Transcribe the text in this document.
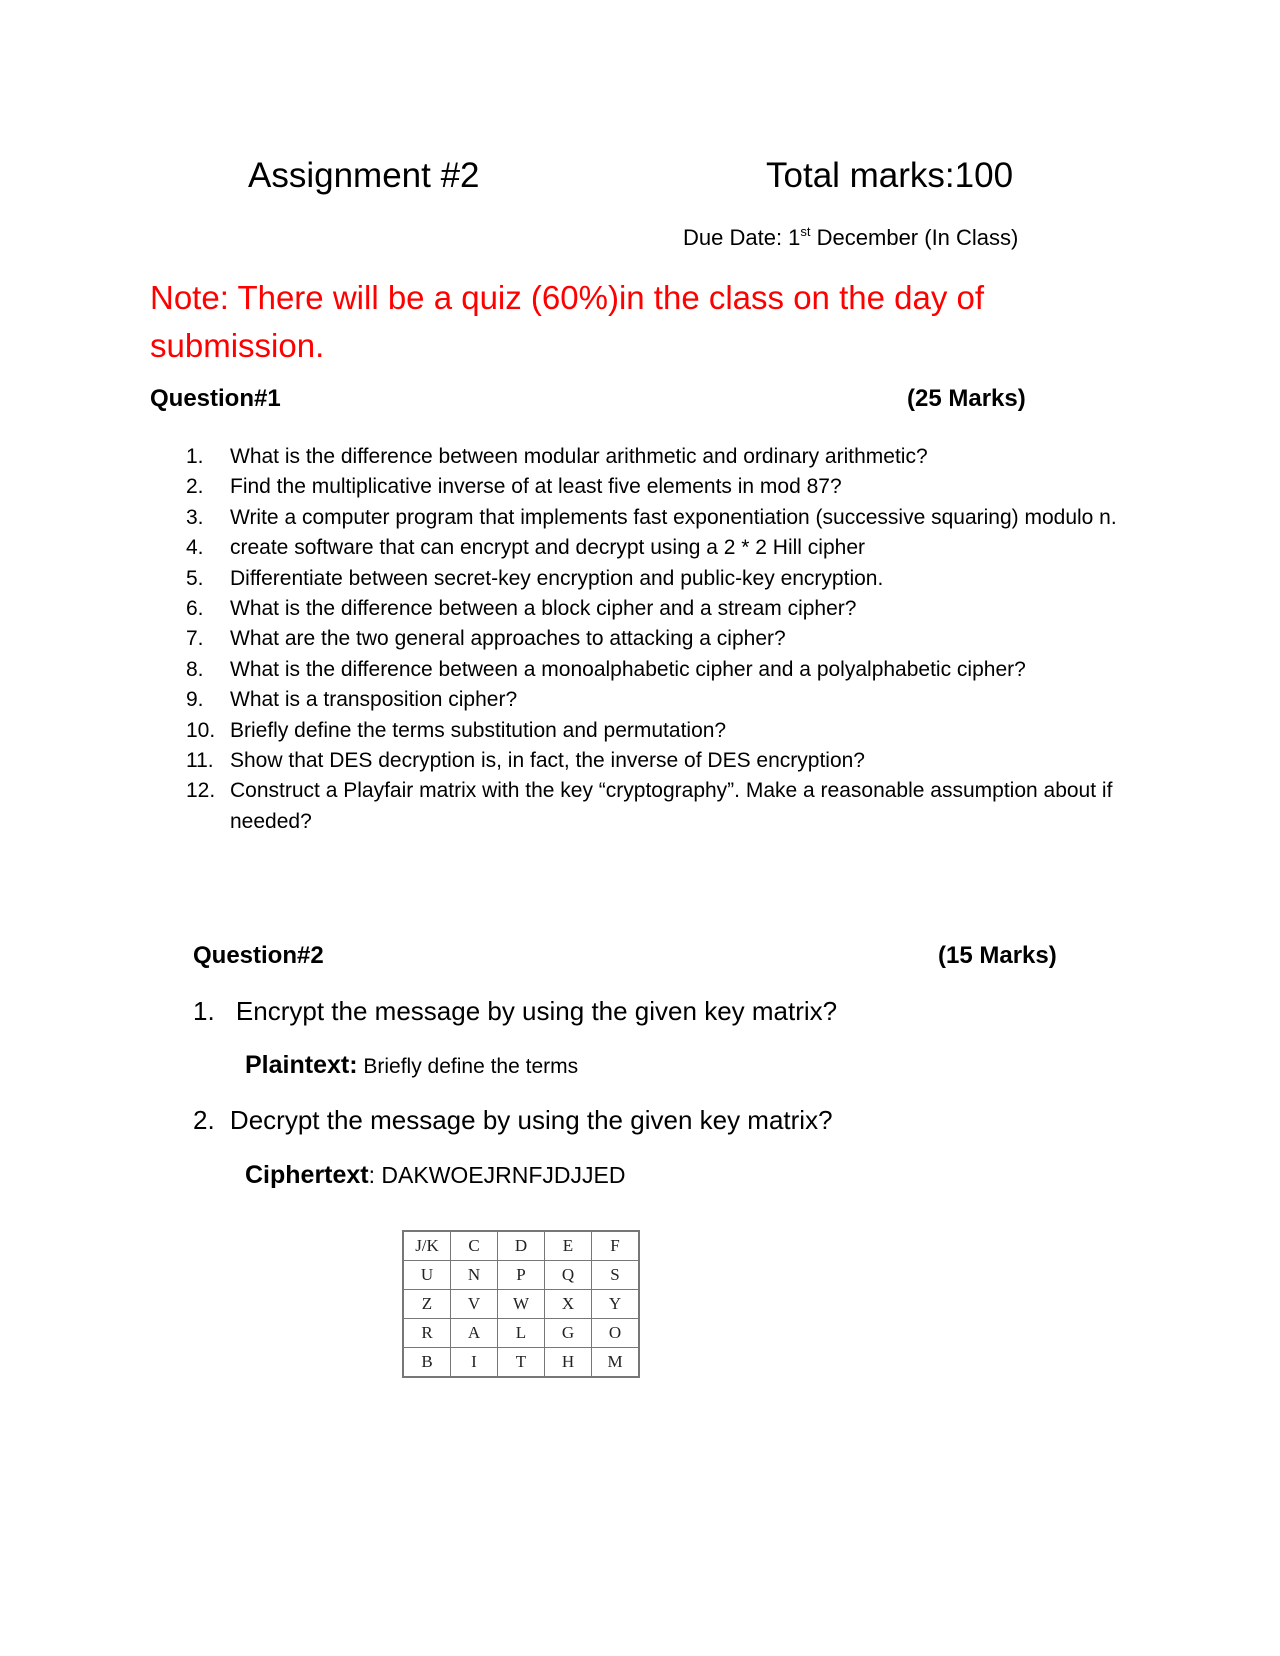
Assignment #2	Total marks:100
Due Date: 1st December (In Class)
Note: There will be a quiz (60%)in the class on the day of submission.
Question#1	(25 Marks)
1. What is the difference between modular arithmetic and ordinary arithmetic?
2. Find the multiplicative inverse of at least five elements in mod 87?
3. Write a computer program that implements fast exponentiation (successive squaring) modulo n.
4. create software that can encrypt and decrypt using a 2 * 2 Hill cipher
5. Differentiate between secret-key encryption and public-key encryption.
6. What is the difference between a block cipher and a stream cipher?
7. What are the two general approaches to attacking a cipher?
8. What is the difference between a monoalphabetic cipher and a polyalphabetic cipher?
9. What is a transposition cipher?
10. Briefly define the terms substitution and permutation?
11. Show that DES decryption is, in fact, the inverse of DES encryption?
12. Construct a Playfair matrix with the key “cryptography”. Make a reasonable assumption about if needed?
Question#2	(15 Marks)
1. Encrypt the message by using the given key matrix?
Plaintext: Briefly define the terms
2. Decrypt the message by using the given key matrix?
Ciphertext: DAKWOEJRNFJDJJED
J/K	C	D	E	F
U	N	P	Q	S
Z	V	W	X	Y
R	A	L	G	O
B	I	T	H	M
